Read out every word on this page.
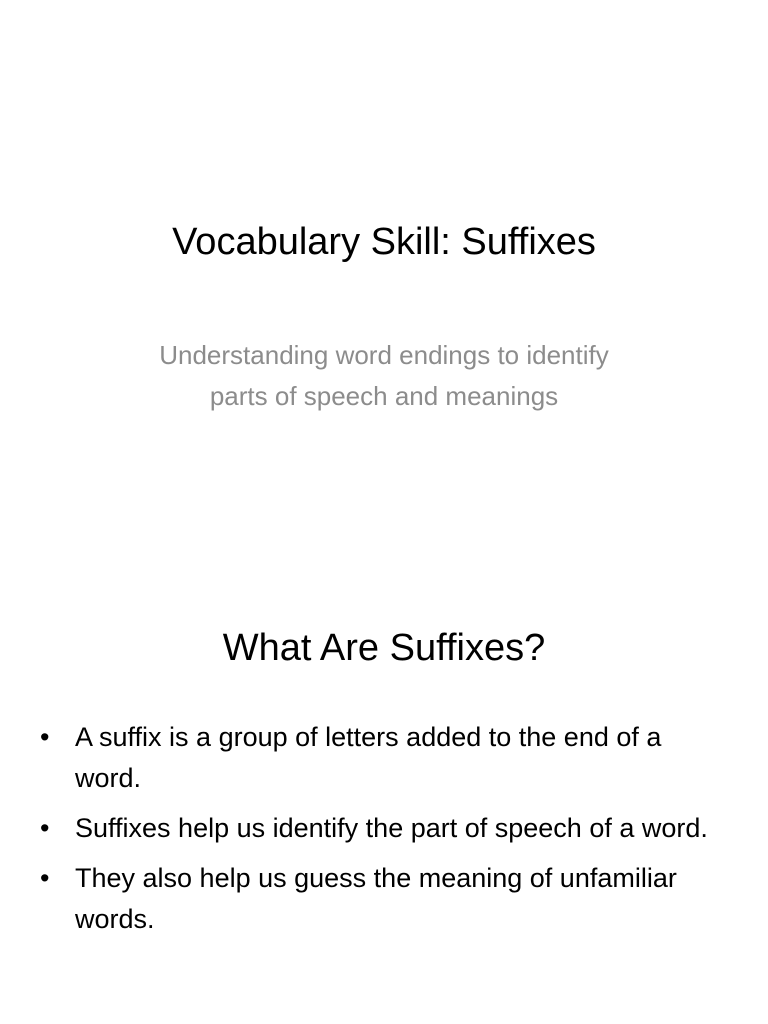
Vocabulary Skill: Suffixes
Understanding word endings to identify parts of speech and meanings
What Are Suffixes?
• A suffix is a group of letters added to the end of a word.
• Suffixes help us identify the part of speech of a word.
• They also help us guess the meaning of unfamiliar words.
